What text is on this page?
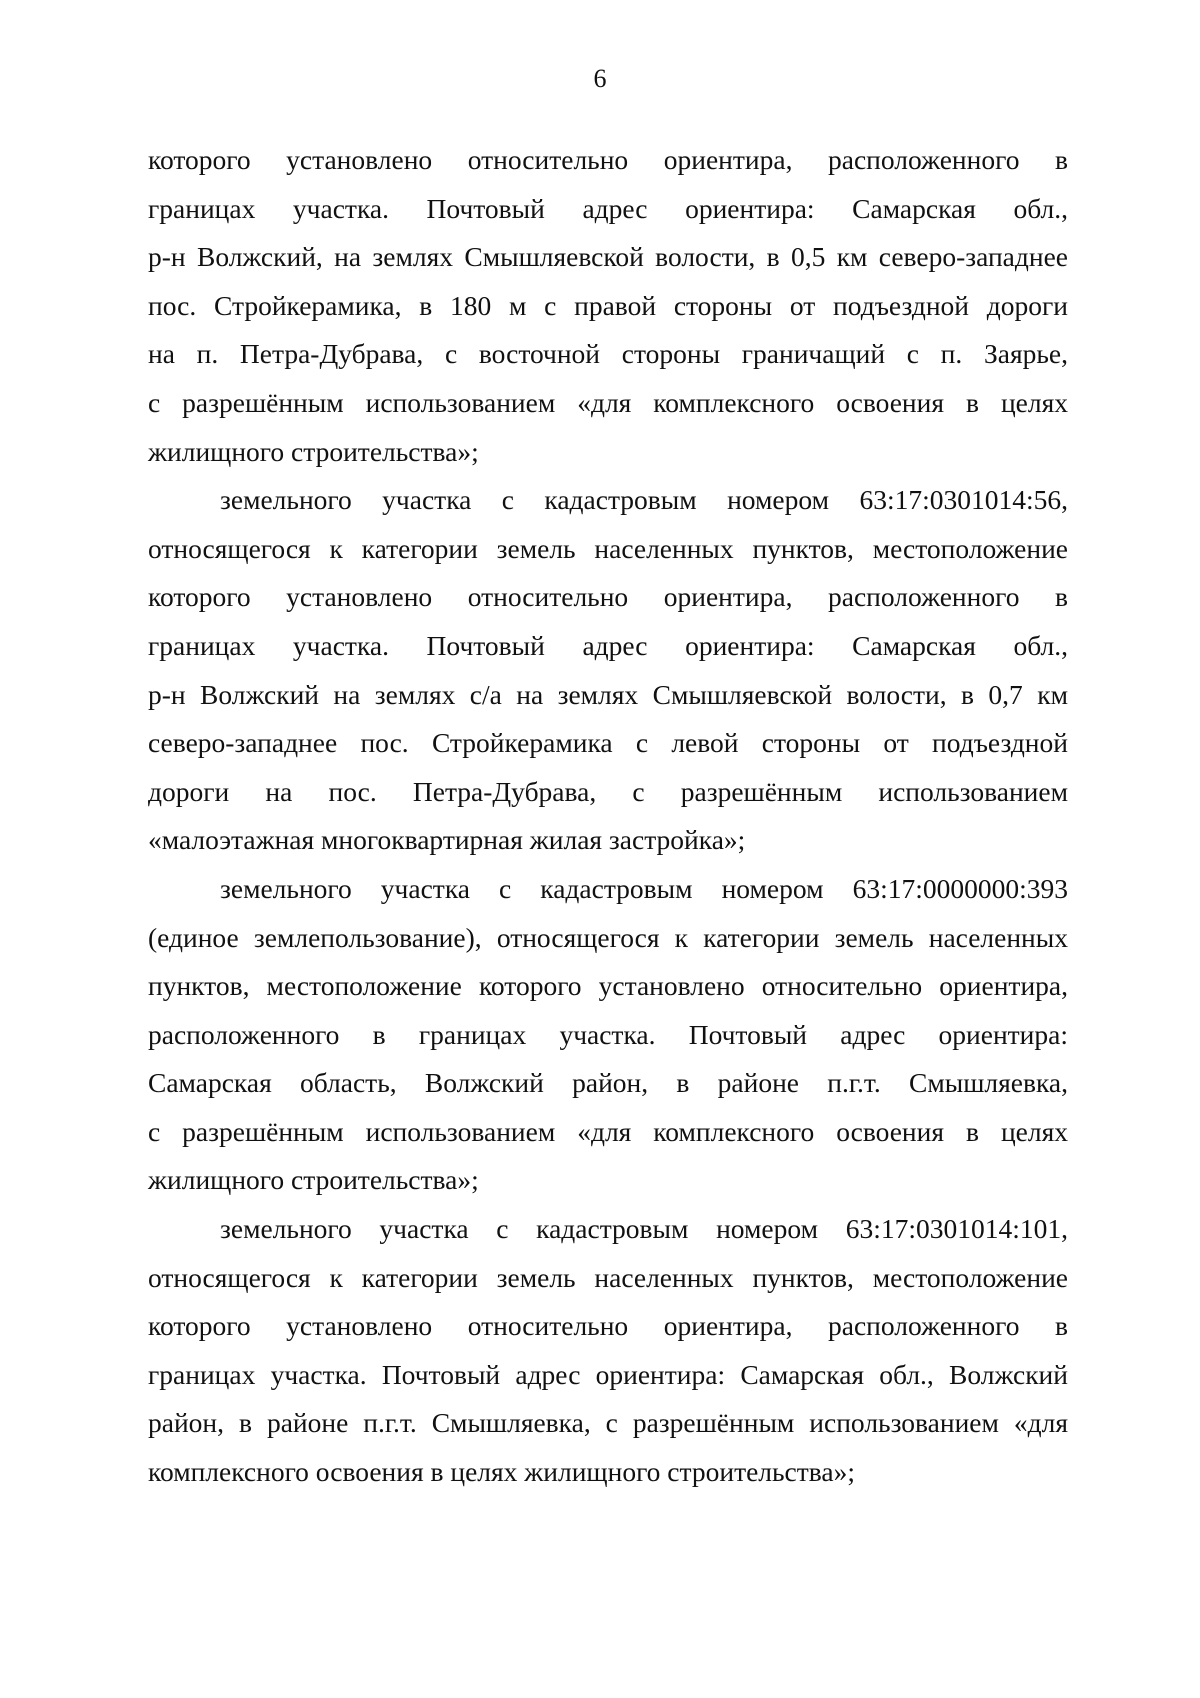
6
которого установлено относительно ориентира, расположенного в
границах участка. Почтовый адрес ориентира: Самарская обл.,
р-н Волжский, на землях Смышляевской волости, в 0,5 км северо-западнее
пос. Стройкерамика, в 180 м с правой стороны от подъездной дороги
на п. Петра-Дубрава, с восточной стороны граничащий с п. Заярье,
с разрешённым использованием «для комплексного освоения в целях
жилищного строительства»;
земельного участка с кадастровым номером 63:17:0301014:56,
относящегося к категории земель населенных пунктов, местоположение
которого установлено относительно ориентира, расположенного в
границах участка. Почтовый адрес ориентира: Самарская обл.,
р-н Волжский на землях с/а на землях Смышляевской волости, в 0,7 км
северо-западнее пос. Стройкерамика с левой стороны от подъездной
дороги на пос. Петра-Дубрава, с разрешённым использованием
«малоэтажная многоквартирная жилая застройка»;
земельного участка с кадастровым номером 63:17:0000000:393
(единое землепользование), относящегося к категории земель населенных
пунктов, местоположение которого установлено относительно ориентира,
расположенного в границах участка. Почтовый адрес ориентира:
Самарская область, Волжский район, в районе п.г.т. Смышляевка,
с разрешённым использованием «для комплексного освоения в целях
жилищного строительства»;
земельного участка с кадастровым номером 63:17:0301014:101,
относящегося к категории земель населенных пунктов, местоположение
которого установлено относительно ориентира, расположенного в
границах участка. Почтовый адрес ориентира: Самарская обл., Волжский
район, в районе п.г.т. Смышляевка, с разрешённым использованием «для
комплексного освоения в целях жилищного строительства»;
